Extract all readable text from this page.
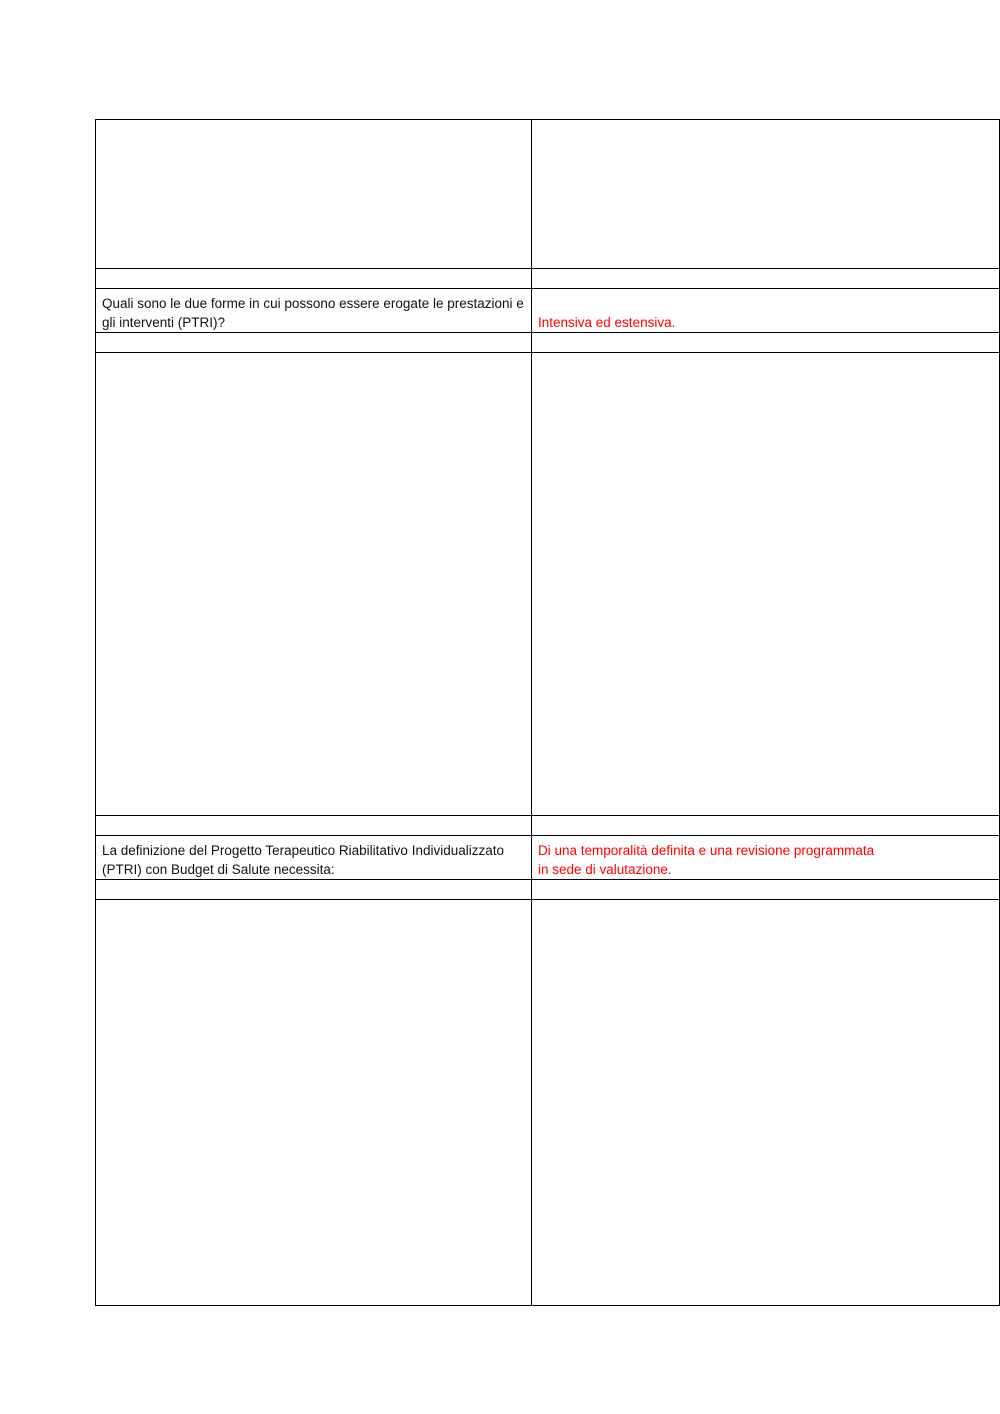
Quali sono le due forme in cui possono essere erogate le prestazioni e gli interventi (PTRI)?	Intensiva ed estensiva.

La definizione del Progetto Terapeutico Riabilitativo Individualizzato (PTRI) con Budget di Salute necessita:	Di una temporalità definita e una revisione programmata
in sede di valutazione.
